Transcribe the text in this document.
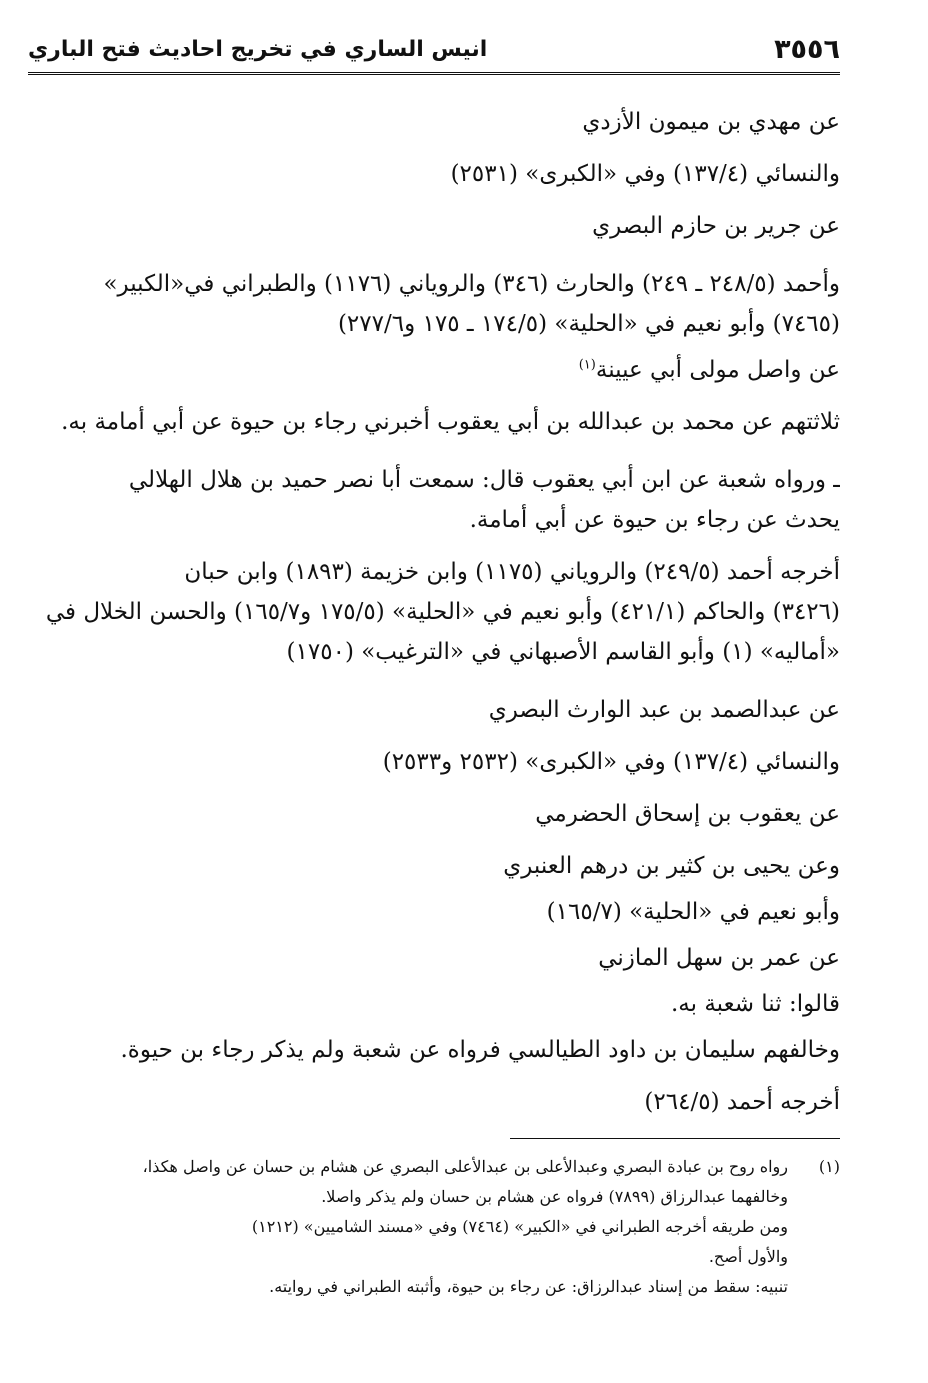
٣٥٥٦
انيس الساري في تخريج احاديث فتح الباري
عن مهدي بن ميمون الأزدي
والنسائي (١٣٧/٤) وفي «الكبرى» (٢٥٣١)
عن جرير بن حازم البصري
وأحمد (٢٤٨/٥ ـ ٢٤٩) والحارث (٣٤٦) والروياني (١١٧٦) والطبراني في«الكبير»
(٧٤٦٥) وأبو نعيم في «الحلية» (١٧٤/٥ ـ ١٧٥ و٢٧٧/٦)
عن واصل مولى أبي عيينة$^{(١)}$
ثلاثتهم عن محمد بن عبدالله بن أبي يعقوب أخبرني رجاء بن حيوة عن أبي أمامة به.
ـ ورواه شعبة عن ابن أبي يعقوب قال: سمعت أبا نصر حميد بن هلال الهلالي
يحدث عن رجاء بن حيوة عن أبي أمامة.
أخرجه أحمد (٢٤٩/٥) والروياني (١١٧٥) وابن خزيمة (١٨٩٣) وابن حبان
(٣٤٢٦) والحاكم (٤٢١/١) وأبو نعيم في «الحلية» (١٧٥/٥ و١٦٥/٧) والحسن الخلال في
«أماليه» (١) وأبو القاسم الأصبهاني في «الترغيب» (١٧٥٠)
عن عبدالصمد بن عبد الوارث البصري
والنسائي (١٣٧/٤) وفي «الكبرى» (٢٥٣٢ و٢٥٣٣)
عن يعقوب بن إسحاق الحضرمي
وعن يحيى بن كثير بن درهم العنبري
وأبو نعيم في «الحلية» (١٦٥/٧)
عن عمر بن سهل المازني
قالوا: ثنا شعبة به.
وخالفهم سليمان بن داود الطيالسي فرواه عن شعبة ولم يذكر رجاء بن حيوة.
أخرجه أحمد (٢٦٤/٥)
(١)رواه روح بن عبادة البصري وعبدالأعلى بن عبدالأعلى البصري عن هشام بن حسان عن واصل هكذا،
وخالفهما عبدالرزاق (٧٨٩٩) فرواه عن هشام بن حسان ولم يذكر واصلا.
ومن طريقه أخرجه الطبراني في «الكبير» (٧٤٦٤) وفي «مسند الشاميين» (١٢١٢)
والأول أصح.
تنبيه: سقط من إسناد عبدالرزاق: عن رجاء بن حيوة، وأثبته الطبراني في روايته.
